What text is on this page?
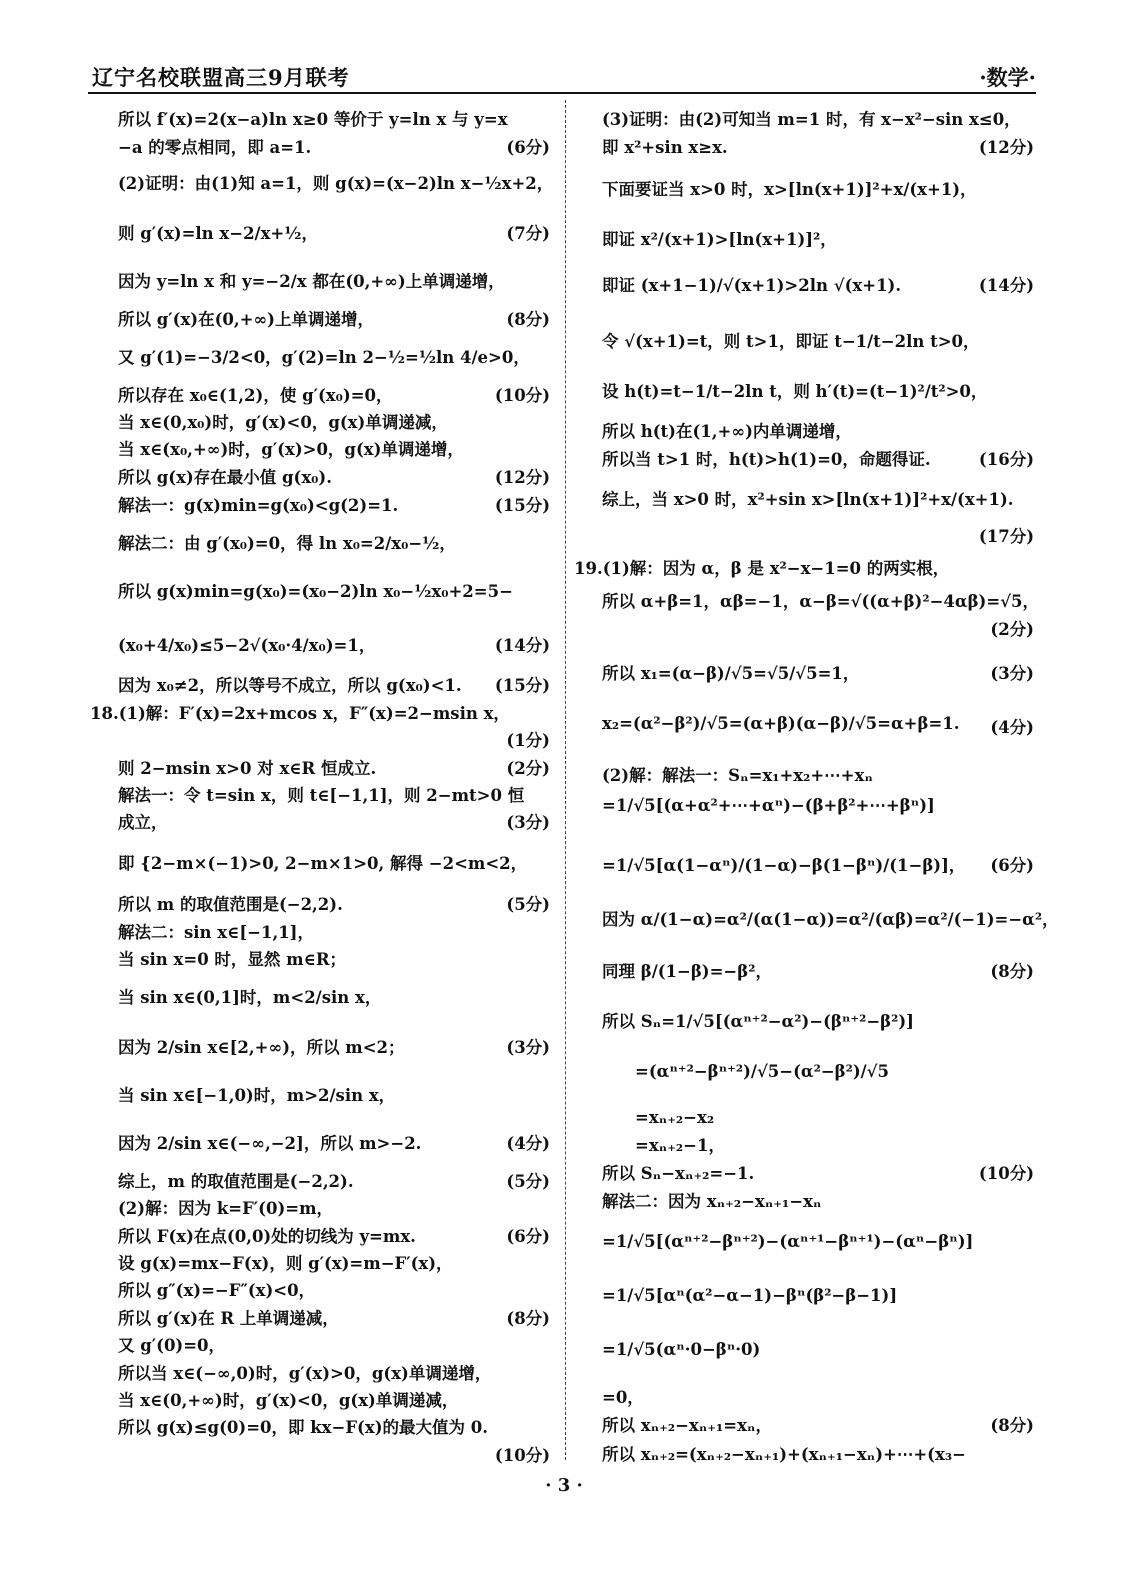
辽宁名校联盟高三9月联考	·数学·
所以 f′(x)=2(x−a)ln x≥0 等价于 y=ln x 与 y=x
−a 的零点相同，即 a=1.	(6分)
(2)证明：由(1)知 a=1，则 g(x)=(x−2)ln x−½x+2，
则 g′(x)=ln x−2/x+½，	(7分)
因为 y=ln x 和 y=−2/x 都在(0,+∞)上单调递增，
所以 g′(x)在(0,+∞)上单调递增，	(8分)
又 g′(1)=−3/2<0，g′(2)=ln 2−½=½ln 4/e>0，
所以存在 x₀∈(1,2)，使 g′(x₀)=0，	(10分)
当 x∈(0,x₀)时，g′(x)<0，g(x)单调递减，
当 x∈(x₀,+∞)时，g′(x)>0，g(x)单调递增，
所以 g(x)存在最小值 g(x₀).	(12分)
解法一：g(x)min=g(x₀)<g(2)=1.	(15分)
解法二：由 g′(x₀)=0，得 ln x₀=2/x₀−½，
所以 g(x)min=g(x₀)=(x₀−2)ln x₀−½x₀+2=5−
(x₀+4/x₀)≤5−2√(x₀·4/x₀)=1，	(14分)
因为 x₀≠2，所以等号不成立，所以 g(x₀)<1. (15分)
18.(1)解：F′(x)=2x+mcos x，F″(x)=2−msin x，
(1分)
则 2−msin x>0 对 x∈R 恒成立.	(2分)
解法一：令 t=sin x，则 t∈[−1,1]，则 2−mt>0 恒
成立，	(3分)
即 {2−m×(−1)>0, 2−m×1>0, 解得 −2<m<2，
所以 m 的取值范围是(−2,2).	(5分)
解法二：sin x∈[−1,1]，
当 sin x=0 时，显然 m∈R；
当 sin x∈(0,1]时，m<2/sin x，
因为 2/sin x∈[2,+∞)，所以 m<2；	(3分)
当 sin x∈[−1,0)时，m>2/sin x，
因为 2/sin x∈(−∞,−2]，所以 m>−2.	(4分)
综上，m 的取值范围是(−2,2).	(5分)
(2)解：因为 k=F′(0)=m，
所以 F(x)在点(0,0)处的切线为 y=mx.	(6分)
设 g(x)=mx−F(x)，则 g′(x)=m−F′(x)，
所以 g″(x)=−F″(x)<0，
所以 g′(x)在 R 上单调递减，	(8分)
又 g′(0)=0，
所以当 x∈(−∞,0)时，g′(x)>0，g(x)单调递增，
当 x∈(0,+∞)时，g′(x)<0，g(x)单调递减，
所以 g(x)≤g(0)=0，即 kx−F(x)的最大值为 0.
(10分)
(3)证明：由(2)可知当 m=1 时，有 x−x²−sin x≤0，
即 x²+sin x≥x.	(12分)
下面要证当 x>0 时，x>[ln(x+1)]²+x/(x+1)，
即证 x²/(x+1)>[ln(x+1)]²，
即证 (x+1−1)/√(x+1)>2ln √(x+1).	(14分)
令 √(x+1)=t，则 t>1，即证 t−1/t−2ln t>0，
设 h(t)=t−1/t−2ln t，则 h′(t)=(t−1)²/t²>0，
所以 h(t)在(1,+∞)内单调递增，
所以当 t>1 时，h(t)>h(1)=0，命题得证.	(16分)
综上，当 x>0 时，x²+sin x>[ln(x+1)]²+x/(x+1).
(17分)
19.(1)解：因为 α，β 是 x²−x−1=0 的两实根，
所以 α+β=1，αβ=−1，α−β=√((α+β)²−4αβ)=√5，
(2分)
所以 x₁=(α−β)/√5=√5/√5=1，	(3分)
x₂=(α²−β²)/√5=(α+β)(α−β)/√5=α+β=1. (4分)
(2)解：解法一：Sₙ=x₁+x₂+⋯+xₙ
=1/√5[(α+α²+⋯+αⁿ)−(β+β²+⋯+βⁿ)]
=1/√5[α(1−αⁿ)/(1−α)−β(1−βⁿ)/(1−β)]， (6分)
因为 α/(1−α)=α²/(α(1−α))=α²/(αβ)=α²/(−1)=−α²，
同理 β/(1−β)=−β²，	(8分)
所以 Sₙ=1/√5[(αⁿ⁺²−α²)−(βⁿ⁺²−β²)]
　　=(αⁿ⁺²−βⁿ⁺²)/√5−(α²−β²)/√5
　　=xₙ₊₂−x₂
　　=xₙ₊₂−1，
所以 Sₙ−xₙ₊₂=−1.	(10分)
解法二：因为 xₙ₊₂−xₙ₊₁−xₙ
=1/√5[(αⁿ⁺²−βⁿ⁺²)−(αⁿ⁺¹−βⁿ⁺¹)−(αⁿ−βⁿ)]
=1/√5[αⁿ(α²−α−1)−βⁿ(β²−β−1)]
=1/√5(αⁿ·0−βⁿ·0)
=0，
所以 xₙ₊₂−xₙ₊₁=xₙ，	(8分)
所以 xₙ₊₂=(xₙ₊₂−xₙ₊₁)+(xₙ₊₁−xₙ)+⋯+(x₃−
· 3 ·
